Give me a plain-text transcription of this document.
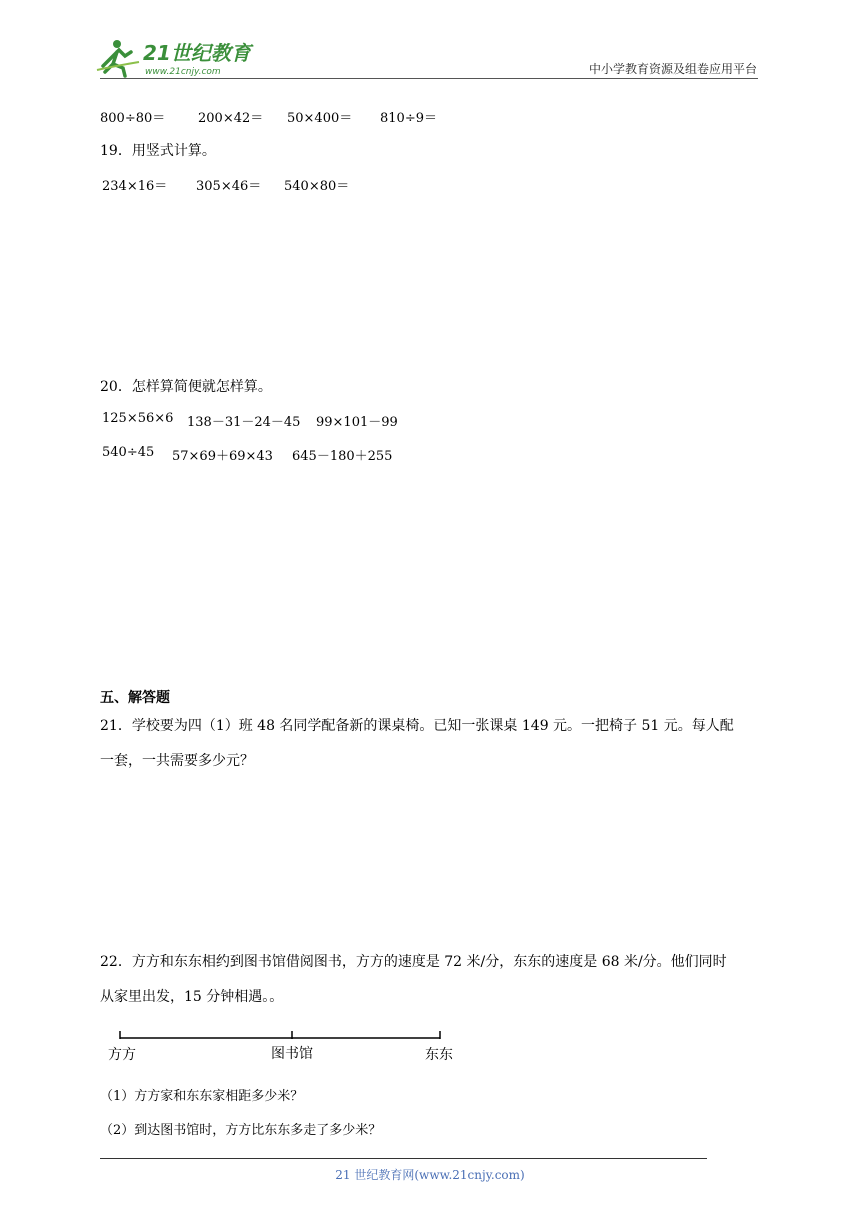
21世纪教育
www.21cnjy.com	中小学教育资源及组卷应用平台
800÷80＝	200×42＝ 50×400＝ 810÷9＝
19．用竖式计算。
234×16＝ 305×46＝ 540×80＝
20．怎样算简便就怎样算。
125×56×6 138－31－24－45 99×101－99
540÷45 57×69＋69×43 645－180＋255
五、解答题
21．学校要为四（1）班 48 名同学配备新的课桌椅。已知一张课桌 149 元。一把椅子 51 元。每人配
一套，一共需要多少元？
22．方方和东东相约到图书馆借阅图书，方方的速度是 72 米/分，东东的速度是 68 米/分。他们同时
从家里出发，15 分钟相遇。。
方方	图书馆	东东
（1）方方家和东东家相距多少米？
（2）到达图书馆时，方方比东东多走了多少米？
21 世纪教育网(www.21cnjy.com)
